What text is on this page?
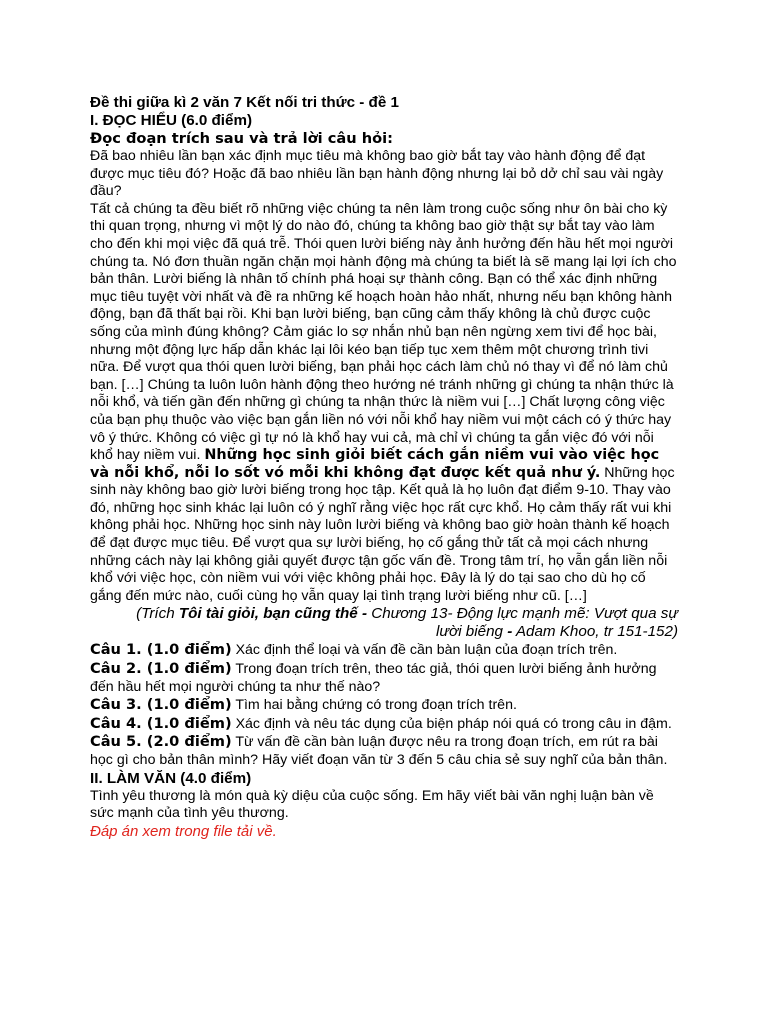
Đề thi giữa kì 2 văn 7 Kết nối tri thức - đề 1

I. ĐỌC HIỂU (6.0 điểm)

Đọc đoạn trích sau và trả lời câu hỏi:

Đã bao nhiêu lần bạn xác định mục tiêu mà không bao giờ bắt tay vào hành động để đạt được mục tiêu đó? Hoặc đã bao nhiêu lần bạn hành động nhưng lại bỏ dở chỉ sau vài ngày đầu?

Tất cả chúng ta đều biết rõ những việc chúng ta nên làm trong cuộc sống như ôn bài cho kỳ thi quan trọng, nhưng vì một lý do nào đó, chúng ta không bao giờ thật sự bắt tay vào làm cho đến khi mọi việc đã quá trễ. Thói quen lười biếng này ảnh hưởng đến hầu hết mọi người chúng ta. Nó đơn thuần ngăn chặn mọi hành động mà chúng ta biết là sẽ mang lại lợi ích cho bản thân. Lười biếng là nhân tố chính phá hoại sự thành công. Bạn có thể xác định những mục tiêu tuyệt vời nhất và đề ra những kế hoạch hoàn hảo nhất, nhưng nếu bạn không hành động, bạn đã thất bại rồi. Khi bạn lười biếng, bạn cũng cảm thấy không là chủ được cuộc sống của mình đúng không? Cảm giác lo sợ nhắn nhủ bạn nên ngừng xem tivi để học bài, nhưng một động lực hấp dẫn khác lại lôi kéo bạn tiếp tục xem thêm một chương trình tivi nữa. Để vượt qua thói quen lười biếng, bạn phải học cách làm chủ nó thay vì để nó làm chủ bạn. […] Chúng ta luôn luôn hành động theo hướng né tránh những gì chúng ta nhận thức là nỗi khổ, và tiến gần đến những gì chúng ta nhận thức là niềm vui […] Chất lượng công việc của bạn phụ thuộc vào việc bạn gắn liền nó với nỗi khổ hay niềm vui một cách có ý thức hay vô ý thức. Không có việc gì tự nó là khổ hay vui cả, mà chỉ vì chúng ta gắn việc đó với nỗi khổ hay niềm vui. Những học sinh giỏi biết cách gắn niềm vui vào việc học và nỗi khổ, nỗi lo sốt vó mỗi khi không đạt được kết quả như ý. Những học sinh này không bao giờ lười biếng trong học tập. Kết quả là họ luôn đạt điểm 9-10. Thay vào đó, những học sinh khác lại luôn có ý nghĩ rằng việc học rất cực khổ. Họ cảm thấy rất vui khi không phải học. Những học sinh này luôn lười biếng và không bao giờ hoàn thành kế hoạch để đạt được mục tiêu. Để vượt qua sự lười biếng, họ cố gắng thử tất cả mọi cách nhưng những cách này lại không giải quyết được tận gốc vấn đề. Trong tâm trí, họ vẫn gắn liền nỗi khổ với việc học, còn niềm vui với việc không phải học. Đây là lý do tại sao cho dù họ cố gắng đến mức nào, cuối cùng họ vẫn quay lại tình trạng lười biếng như cũ. […]

(Trích Tôi tài giỏi, bạn cũng thế - Chương 13- Động lực mạnh mẽ: Vượt qua sự lười biếng - Adam Khoo, tr 151-152)

Câu 1. (1.0 điểm) Xác định thể loại và vấn đề cần bàn luận của đoạn trích trên.

Câu 2. (1.0 điểm) Trong đoạn trích trên, theo tác giả, thói quen lười biếng ảnh hưởng đến hầu hết mọi người chúng ta như thế nào?

Câu 3. (1.0 điểm) Tìm hai bằng chứng có trong đoạn trích trên.

Câu 4. (1.0 điểm) Xác định và nêu tác dụng của biện pháp nói quá có trong câu in đậm.

Câu 5. (2.0 điểm) Từ vấn đề cần bàn luận được nêu ra trong đoạn trích, em rút ra bài học gì cho bản thân mình? Hãy viết đoạn văn từ 3 đến 5 câu chia sẻ suy nghĩ của bản thân.

II. LÀM VĂN (4.0 điểm)

Tình yêu thương là món quà kỳ diệu của cuộc sống. Em hãy viết bài văn nghị luận bàn về sức mạnh của tình yêu thương.

Đáp án xem trong file tải về.
